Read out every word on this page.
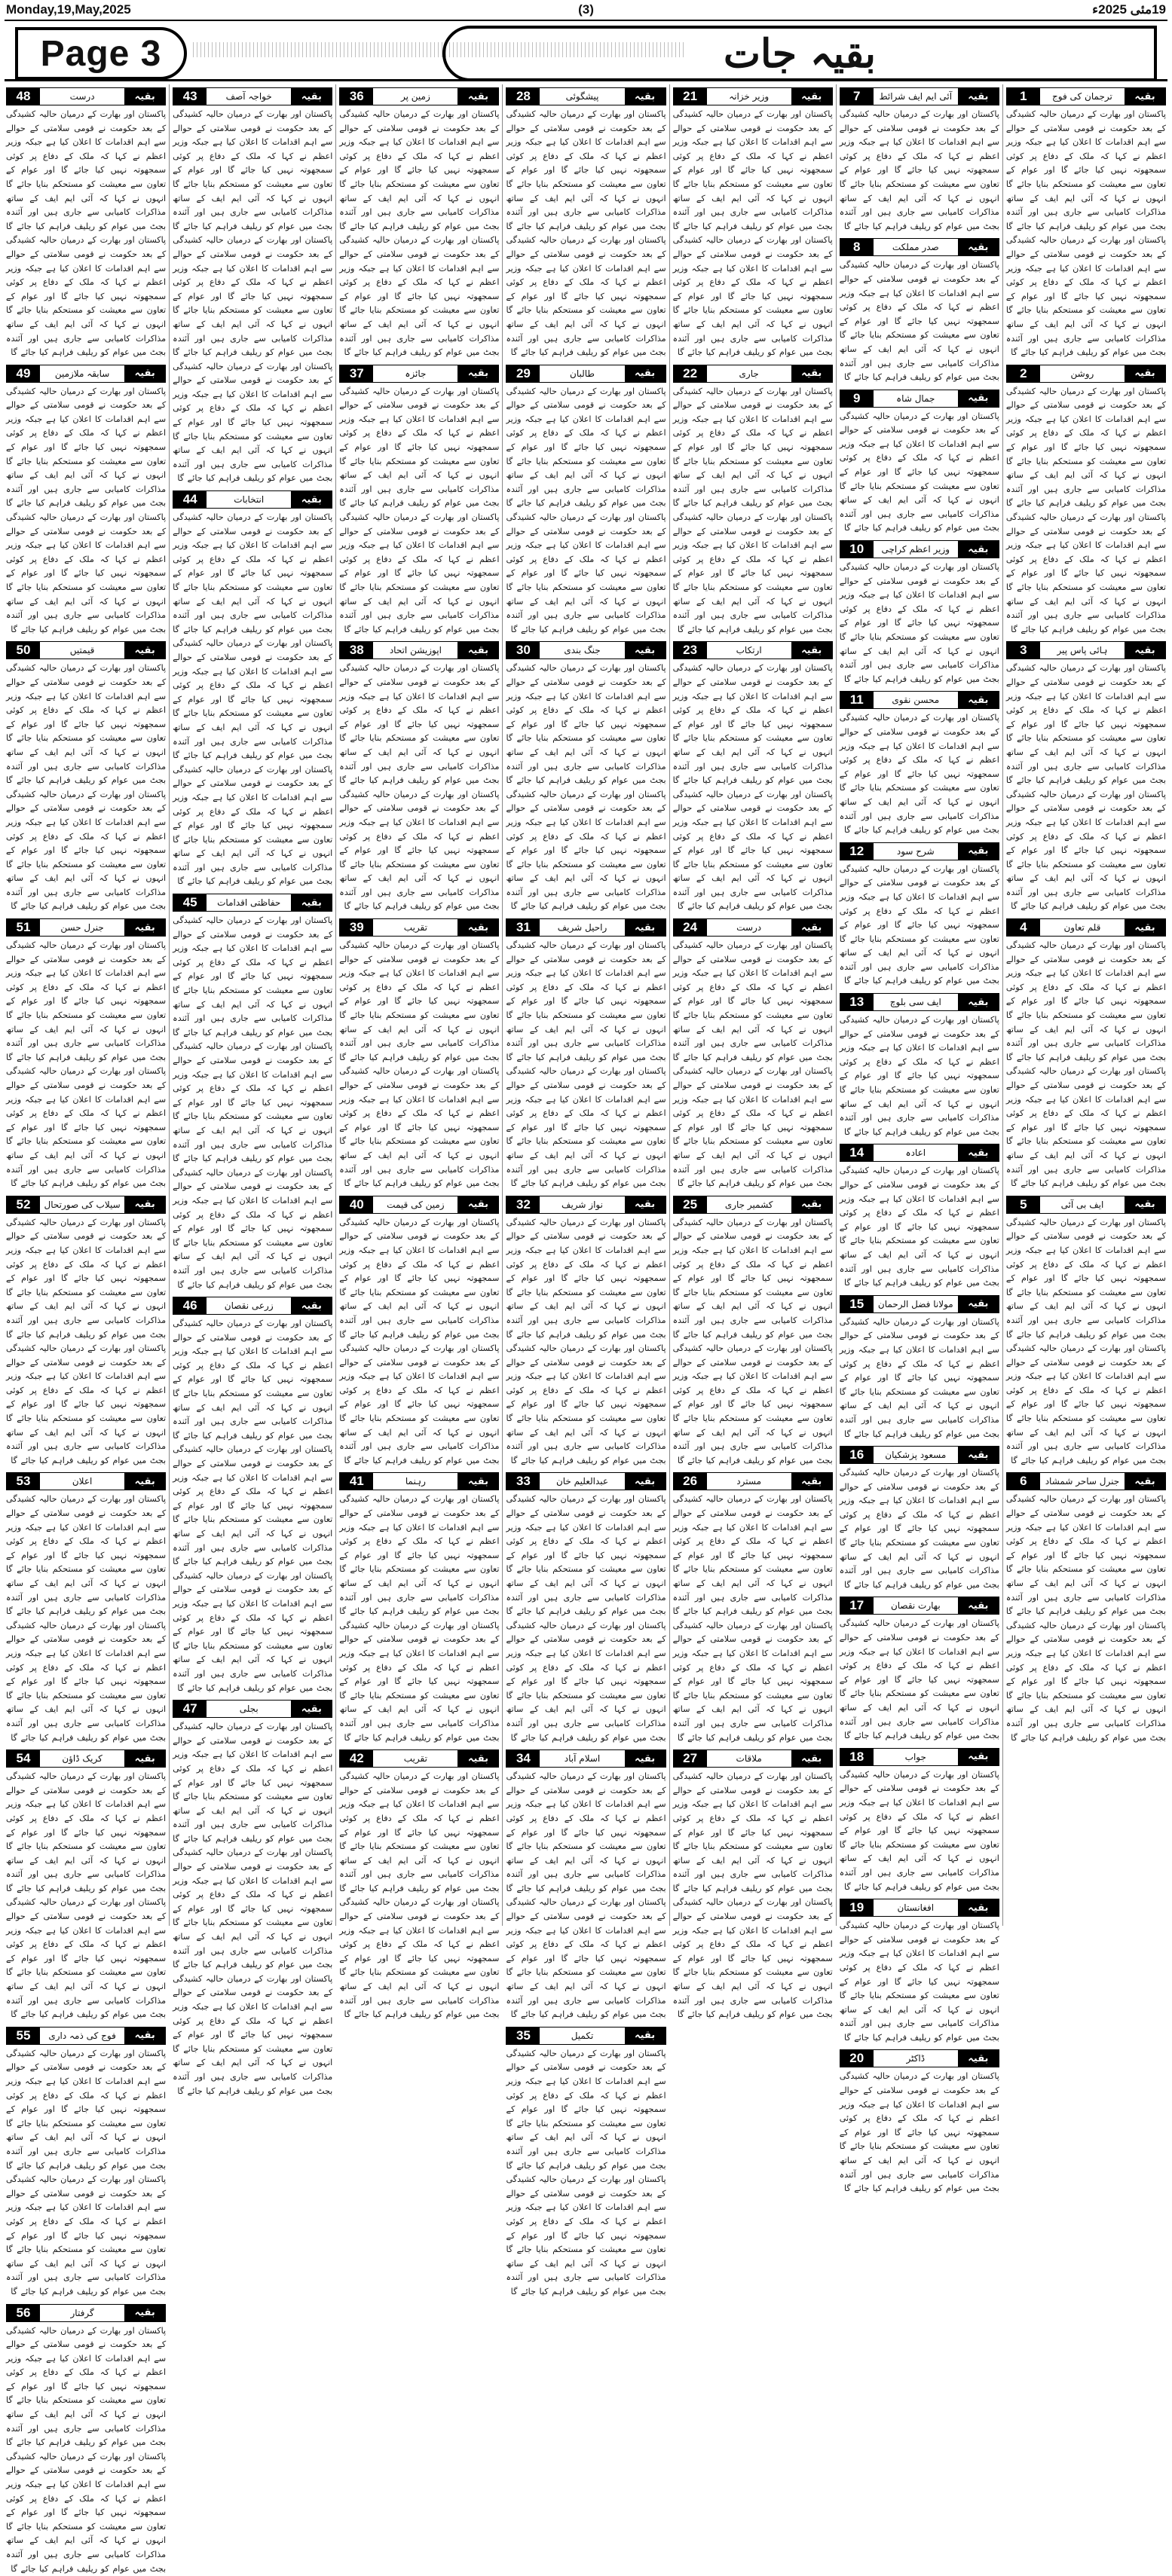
Monday,19,May,2025	(3)	19مئی 2025ء
Page 3	بقیہ جات
1	ترجمان کی فوج	بقیہ
پاکستان اور بھارت کے درمیان حالیہ کشیدگی کے بعد حکومت نے قومی سلامتی کے حوالے سے اہم اقدامات کا اعلان کیا ہے جبکہ وزیر اعظم نے کہا کہ ملک کے دفاع پر کوئی سمجھوتہ نہیں کیا جائے گا اور عوام کے تعاون سے معیشت کو مستحکم بنایا جائے گا انہوں نے کہا کہ آئی ایم ایف کے ساتھ مذاکرات کامیابی سے جاری ہیں اور آئندہ بجٹ میں عوام کو ریلیف فراہم کیا جائے گا پاکستان اور بھارت کے درمیان حالیہ کشیدگی کے بعد حکومت نے قومی سلامتی کے حوالے سے اہم اقدامات کا اعلان کیا ہے جبکہ وزیر اعظم نے کہا کہ ملک کے دفاع پر کوئی سمجھوتہ نہیں کیا جائے گا اور عوام کے تعاون سے معیشت کو مستحکم بنایا جائے گا انہوں نے کہا کہ آئی ایم ایف کے ساتھ مذاکرات کامیابی سے جاری ہیں اور آئندہ بجٹ میں عوام کو ریلیف فراہم کیا جائے گا
2	روشن	بقیہ
پاکستان اور بھارت کے درمیان حالیہ کشیدگی کے بعد حکومت نے قومی سلامتی کے حوالے سے اہم اقدامات کا اعلان کیا ہے جبکہ وزیر اعظم نے کہا کہ ملک کے دفاع پر کوئی سمجھوتہ نہیں کیا جائے گا اور عوام کے تعاون سے معیشت کو مستحکم بنایا جائے گا انہوں نے کہا کہ آئی ایم ایف کے ساتھ مذاکرات کامیابی سے جاری ہیں اور آئندہ بجٹ میں عوام کو ریلیف فراہم کیا جائے گا پاکستان اور بھارت کے درمیان حالیہ کشیدگی کے بعد حکومت نے قومی سلامتی کے حوالے سے اہم اقدامات کا اعلان کیا ہے جبکہ وزیر اعظم نے کہا کہ ملک کے دفاع پر کوئی سمجھوتہ نہیں کیا جائے گا اور عوام کے تعاون سے معیشت کو مستحکم بنایا جائے گا انہوں نے کہا کہ آئی ایم ایف کے ساتھ مذاکرات کامیابی سے جاری ہیں اور آئندہ بجٹ میں عوام کو ریلیف فراہم کیا جائے گا
3	ہائی پاس پیر	بقیہ
پاکستان اور بھارت کے درمیان حالیہ کشیدگی کے بعد حکومت نے قومی سلامتی کے حوالے سے اہم اقدامات کا اعلان کیا ہے جبکہ وزیر اعظم نے کہا کہ ملک کے دفاع پر کوئی سمجھوتہ نہیں کیا جائے گا اور عوام کے تعاون سے معیشت کو مستحکم بنایا جائے گا انہوں نے کہا کہ آئی ایم ایف کے ساتھ مذاکرات کامیابی سے جاری ہیں اور آئندہ بجٹ میں عوام کو ریلیف فراہم کیا جائے گا پاکستان اور بھارت کے درمیان حالیہ کشیدگی کے بعد حکومت نے قومی سلامتی کے حوالے سے اہم اقدامات کا اعلان کیا ہے جبکہ وزیر اعظم نے کہا کہ ملک کے دفاع پر کوئی سمجھوتہ نہیں کیا جائے گا اور عوام کے تعاون سے معیشت کو مستحکم بنایا جائے گا انہوں نے کہا کہ آئی ایم ایف کے ساتھ مذاکرات کامیابی سے جاری ہیں اور آئندہ بجٹ میں عوام کو ریلیف فراہم کیا جائے گا
4	قلم تعاون	بقیہ
پاکستان اور بھارت کے درمیان حالیہ کشیدگی کے بعد حکومت نے قومی سلامتی کے حوالے سے اہم اقدامات کا اعلان کیا ہے جبکہ وزیر اعظم نے کہا کہ ملک کے دفاع پر کوئی سمجھوتہ نہیں کیا جائے گا اور عوام کے تعاون سے معیشت کو مستحکم بنایا جائے گا انہوں نے کہا کہ آئی ایم ایف کے ساتھ مذاکرات کامیابی سے جاری ہیں اور آئندہ بجٹ میں عوام کو ریلیف فراہم کیا جائے گا پاکستان اور بھارت کے درمیان حالیہ کشیدگی کے بعد حکومت نے قومی سلامتی کے حوالے سے اہم اقدامات کا اعلان کیا ہے جبکہ وزیر اعظم نے کہا کہ ملک کے دفاع پر کوئی سمجھوتہ نہیں کیا جائے گا اور عوام کے تعاون سے معیشت کو مستحکم بنایا جائے گا انہوں نے کہا کہ آئی ایم ایف کے ساتھ مذاکرات کامیابی سے جاری ہیں اور آئندہ بجٹ میں عوام کو ریلیف فراہم کیا جائے گا
5	ایف بی آئی	بقیہ
پاکستان اور بھارت کے درمیان حالیہ کشیدگی کے بعد حکومت نے قومی سلامتی کے حوالے سے اہم اقدامات کا اعلان کیا ہے جبکہ وزیر اعظم نے کہا کہ ملک کے دفاع پر کوئی سمجھوتہ نہیں کیا جائے گا اور عوام کے تعاون سے معیشت کو مستحکم بنایا جائے گا انہوں نے کہا کہ آئی ایم ایف کے ساتھ مذاکرات کامیابی سے جاری ہیں اور آئندہ بجٹ میں عوام کو ریلیف فراہم کیا جائے گا پاکستان اور بھارت کے درمیان حالیہ کشیدگی کے بعد حکومت نے قومی سلامتی کے حوالے سے اہم اقدامات کا اعلان کیا ہے جبکہ وزیر اعظم نے کہا کہ ملک کے دفاع پر کوئی سمجھوتہ نہیں کیا جائے گا اور عوام کے تعاون سے معیشت کو مستحکم بنایا جائے گا انہوں نے کہا کہ آئی ایم ایف کے ساتھ مذاکرات کامیابی سے جاری ہیں اور آئندہ بجٹ میں عوام کو ریلیف فراہم کیا جائے گا
6	جنرل ساحر شمشاد	بقیہ
پاکستان اور بھارت کے درمیان حالیہ کشیدگی کے بعد حکومت نے قومی سلامتی کے حوالے سے اہم اقدامات کا اعلان کیا ہے جبکہ وزیر اعظم نے کہا کہ ملک کے دفاع پر کوئی سمجھوتہ نہیں کیا جائے گا اور عوام کے تعاون سے معیشت کو مستحکم بنایا جائے گا انہوں نے کہا کہ آئی ایم ایف کے ساتھ مذاکرات کامیابی سے جاری ہیں اور آئندہ بجٹ میں عوام کو ریلیف فراہم کیا جائے گا پاکستان اور بھارت کے درمیان حالیہ کشیدگی کے بعد حکومت نے قومی سلامتی کے حوالے سے اہم اقدامات کا اعلان کیا ہے جبکہ وزیر اعظم نے کہا کہ ملک کے دفاع پر کوئی سمجھوتہ نہیں کیا جائے گا اور عوام کے تعاون سے معیشت کو مستحکم بنایا جائے گا انہوں نے کہا کہ آئی ایم ایف کے ساتھ مذاکرات کامیابی سے جاری ہیں اور آئندہ بجٹ میں عوام کو ریلیف فراہم کیا جائے گا
7	آئی ایم ایف شرائط	بقیہ
پاکستان اور بھارت کے درمیان حالیہ کشیدگی کے بعد حکومت نے قومی سلامتی کے حوالے سے اہم اقدامات کا اعلان کیا ہے جبکہ وزیر اعظم نے کہا کہ ملک کے دفاع پر کوئی سمجھوتہ نہیں کیا جائے گا اور عوام کے تعاون سے معیشت کو مستحکم بنایا جائے گا انہوں نے کہا کہ آئی ایم ایف کے ساتھ مذاکرات کامیابی سے جاری ہیں اور آئندہ بجٹ میں عوام کو ریلیف فراہم کیا جائے گا
8	صدر مملکت	بقیہ
پاکستان اور بھارت کے درمیان حالیہ کشیدگی کے بعد حکومت نے قومی سلامتی کے حوالے سے اہم اقدامات کا اعلان کیا ہے جبکہ وزیر اعظم نے کہا کہ ملک کے دفاع پر کوئی سمجھوتہ نہیں کیا جائے گا اور عوام کے تعاون سے معیشت کو مستحکم بنایا جائے گا انہوں نے کہا کہ آئی ایم ایف کے ساتھ مذاکرات کامیابی سے جاری ہیں اور آئندہ بجٹ میں عوام کو ریلیف فراہم کیا جائے گا
9	جمال شاہ	بقیہ
پاکستان اور بھارت کے درمیان حالیہ کشیدگی کے بعد حکومت نے قومی سلامتی کے حوالے سے اہم اقدامات کا اعلان کیا ہے جبکہ وزیر اعظم نے کہا کہ ملک کے دفاع پر کوئی سمجھوتہ نہیں کیا جائے گا اور عوام کے تعاون سے معیشت کو مستحکم بنایا جائے گا انہوں نے کہا کہ آئی ایم ایف کے ساتھ مذاکرات کامیابی سے جاری ہیں اور آئندہ بجٹ میں عوام کو ریلیف فراہم کیا جائے گا
10	وزیر اعظم کراچی	بقیہ
پاکستان اور بھارت کے درمیان حالیہ کشیدگی کے بعد حکومت نے قومی سلامتی کے حوالے سے اہم اقدامات کا اعلان کیا ہے جبکہ وزیر اعظم نے کہا کہ ملک کے دفاع پر کوئی سمجھوتہ نہیں کیا جائے گا اور عوام کے تعاون سے معیشت کو مستحکم بنایا جائے گا انہوں نے کہا کہ آئی ایم ایف کے ساتھ مذاکرات کامیابی سے جاری ہیں اور آئندہ بجٹ میں عوام کو ریلیف فراہم کیا جائے گا
11	محسن نقوی	بقیہ
پاکستان اور بھارت کے درمیان حالیہ کشیدگی کے بعد حکومت نے قومی سلامتی کے حوالے سے اہم اقدامات کا اعلان کیا ہے جبکہ وزیر اعظم نے کہا کہ ملک کے دفاع پر کوئی سمجھوتہ نہیں کیا جائے گا اور عوام کے تعاون سے معیشت کو مستحکم بنایا جائے گا انہوں نے کہا کہ آئی ایم ایف کے ساتھ مذاکرات کامیابی سے جاری ہیں اور آئندہ بجٹ میں عوام کو ریلیف فراہم کیا جائے گا
12	شرح سود	بقیہ
پاکستان اور بھارت کے درمیان حالیہ کشیدگی کے بعد حکومت نے قومی سلامتی کے حوالے سے اہم اقدامات کا اعلان کیا ہے جبکہ وزیر اعظم نے کہا کہ ملک کے دفاع پر کوئی سمجھوتہ نہیں کیا جائے گا اور عوام کے تعاون سے معیشت کو مستحکم بنایا جائے گا انہوں نے کہا کہ آئی ایم ایف کے ساتھ مذاکرات کامیابی سے جاری ہیں اور آئندہ بجٹ میں عوام کو ریلیف فراہم کیا جائے گا
13	ایف سی بلوچ	بقیہ
پاکستان اور بھارت کے درمیان حالیہ کشیدگی کے بعد حکومت نے قومی سلامتی کے حوالے سے اہم اقدامات کا اعلان کیا ہے جبکہ وزیر اعظم نے کہا کہ ملک کے دفاع پر کوئی سمجھوتہ نہیں کیا جائے گا اور عوام کے تعاون سے معیشت کو مستحکم بنایا جائے گا انہوں نے کہا کہ آئی ایم ایف کے ساتھ مذاکرات کامیابی سے جاری ہیں اور آئندہ بجٹ میں عوام کو ریلیف فراہم کیا جائے گا
14	اعادہ	بقیہ
پاکستان اور بھارت کے درمیان حالیہ کشیدگی کے بعد حکومت نے قومی سلامتی کے حوالے سے اہم اقدامات کا اعلان کیا ہے جبکہ وزیر اعظم نے کہا کہ ملک کے دفاع پر کوئی سمجھوتہ نہیں کیا جائے گا اور عوام کے تعاون سے معیشت کو مستحکم بنایا جائے گا انہوں نے کہا کہ آئی ایم ایف کے ساتھ مذاکرات کامیابی سے جاری ہیں اور آئندہ بجٹ میں عوام کو ریلیف فراہم کیا جائے گا
15	مولانا فضل الرحمان	بقیہ
پاکستان اور بھارت کے درمیان حالیہ کشیدگی کے بعد حکومت نے قومی سلامتی کے حوالے سے اہم اقدامات کا اعلان کیا ہے جبکہ وزیر اعظم نے کہا کہ ملک کے دفاع پر کوئی سمجھوتہ نہیں کیا جائے گا اور عوام کے تعاون سے معیشت کو مستحکم بنایا جائے گا انہوں نے کہا کہ آئی ایم ایف کے ساتھ مذاکرات کامیابی سے جاری ہیں اور آئندہ بجٹ میں عوام کو ریلیف فراہم کیا جائے گا
16	مسعود پزشکیان	بقیہ
پاکستان اور بھارت کے درمیان حالیہ کشیدگی کے بعد حکومت نے قومی سلامتی کے حوالے سے اہم اقدامات کا اعلان کیا ہے جبکہ وزیر اعظم نے کہا کہ ملک کے دفاع پر کوئی سمجھوتہ نہیں کیا جائے گا اور عوام کے تعاون سے معیشت کو مستحکم بنایا جائے گا انہوں نے کہا کہ آئی ایم ایف کے ساتھ مذاکرات کامیابی سے جاری ہیں اور آئندہ بجٹ میں عوام کو ریلیف فراہم کیا جائے گا
17	بھارت نقصان	بقیہ
پاکستان اور بھارت کے درمیان حالیہ کشیدگی کے بعد حکومت نے قومی سلامتی کے حوالے سے اہم اقدامات کا اعلان کیا ہے جبکہ وزیر اعظم نے کہا کہ ملک کے دفاع پر کوئی سمجھوتہ نہیں کیا جائے گا اور عوام کے تعاون سے معیشت کو مستحکم بنایا جائے گا انہوں نے کہا کہ آئی ایم ایف کے ساتھ مذاکرات کامیابی سے جاری ہیں اور آئندہ بجٹ میں عوام کو ریلیف فراہم کیا جائے گا
18	جواب	بقیہ
پاکستان اور بھارت کے درمیان حالیہ کشیدگی کے بعد حکومت نے قومی سلامتی کے حوالے سے اہم اقدامات کا اعلان کیا ہے جبکہ وزیر اعظم نے کہا کہ ملک کے دفاع پر کوئی سمجھوتہ نہیں کیا جائے گا اور عوام کے تعاون سے معیشت کو مستحکم بنایا جائے گا انہوں نے کہا کہ آئی ایم ایف کے ساتھ مذاکرات کامیابی سے جاری ہیں اور آئندہ بجٹ میں عوام کو ریلیف فراہم کیا جائے گا
19	افغانستان	بقیہ
پاکستان اور بھارت کے درمیان حالیہ کشیدگی کے بعد حکومت نے قومی سلامتی کے حوالے سے اہم اقدامات کا اعلان کیا ہے جبکہ وزیر اعظم نے کہا کہ ملک کے دفاع پر کوئی سمجھوتہ نہیں کیا جائے گا اور عوام کے تعاون سے معیشت کو مستحکم بنایا جائے گا انہوں نے کہا کہ آئی ایم ایف کے ساتھ مذاکرات کامیابی سے جاری ہیں اور آئندہ بجٹ میں عوام کو ریلیف فراہم کیا جائے گا
20	ڈاکٹر	بقیہ
پاکستان اور بھارت کے درمیان حالیہ کشیدگی کے بعد حکومت نے قومی سلامتی کے حوالے سے اہم اقدامات کا اعلان کیا ہے جبکہ وزیر اعظم نے کہا کہ ملک کے دفاع پر کوئی سمجھوتہ نہیں کیا جائے گا اور عوام کے تعاون سے معیشت کو مستحکم بنایا جائے گا انہوں نے کہا کہ آئی ایم ایف کے ساتھ مذاکرات کامیابی سے جاری ہیں اور آئندہ بجٹ میں عوام کو ریلیف فراہم کیا جائے گا
21	وزیر خزانہ	بقیہ
پاکستان اور بھارت کے درمیان حالیہ کشیدگی کے بعد حکومت نے قومی سلامتی کے حوالے سے اہم اقدامات کا اعلان کیا ہے جبکہ وزیر اعظم نے کہا کہ ملک کے دفاع پر کوئی سمجھوتہ نہیں کیا جائے گا اور عوام کے تعاون سے معیشت کو مستحکم بنایا جائے گا انہوں نے کہا کہ آئی ایم ایف کے ساتھ مذاکرات کامیابی سے جاری ہیں اور آئندہ بجٹ میں عوام کو ریلیف فراہم کیا جائے گا پاکستان اور بھارت کے درمیان حالیہ کشیدگی کے بعد حکومت نے قومی سلامتی کے حوالے سے اہم اقدامات کا اعلان کیا ہے جبکہ وزیر اعظم نے کہا کہ ملک کے دفاع پر کوئی سمجھوتہ نہیں کیا جائے گا اور عوام کے تعاون سے معیشت کو مستحکم بنایا جائے گا انہوں نے کہا کہ آئی ایم ایف کے ساتھ مذاکرات کامیابی سے جاری ہیں اور آئندہ بجٹ میں عوام کو ریلیف فراہم کیا جائے گا
22	جاری	بقیہ
پاکستان اور بھارت کے درمیان حالیہ کشیدگی کے بعد حکومت نے قومی سلامتی کے حوالے سے اہم اقدامات کا اعلان کیا ہے جبکہ وزیر اعظم نے کہا کہ ملک کے دفاع پر کوئی سمجھوتہ نہیں کیا جائے گا اور عوام کے تعاون سے معیشت کو مستحکم بنایا جائے گا انہوں نے کہا کہ آئی ایم ایف کے ساتھ مذاکرات کامیابی سے جاری ہیں اور آئندہ بجٹ میں عوام کو ریلیف فراہم کیا جائے گا پاکستان اور بھارت کے درمیان حالیہ کشیدگی کے بعد حکومت نے قومی سلامتی کے حوالے سے اہم اقدامات کا اعلان کیا ہے جبکہ وزیر اعظم نے کہا کہ ملک کے دفاع پر کوئی سمجھوتہ نہیں کیا جائے گا اور عوام کے تعاون سے معیشت کو مستحکم بنایا جائے گا انہوں نے کہا کہ آئی ایم ایف کے ساتھ مذاکرات کامیابی سے جاری ہیں اور آئندہ بجٹ میں عوام کو ریلیف فراہم کیا جائے گا
23	ارتکاب	بقیہ
پاکستان اور بھارت کے درمیان حالیہ کشیدگی کے بعد حکومت نے قومی سلامتی کے حوالے سے اہم اقدامات کا اعلان کیا ہے جبکہ وزیر اعظم نے کہا کہ ملک کے دفاع پر کوئی سمجھوتہ نہیں کیا جائے گا اور عوام کے تعاون سے معیشت کو مستحکم بنایا جائے گا انہوں نے کہا کہ آئی ایم ایف کے ساتھ مذاکرات کامیابی سے جاری ہیں اور آئندہ بجٹ میں عوام کو ریلیف فراہم کیا جائے گا پاکستان اور بھارت کے درمیان حالیہ کشیدگی کے بعد حکومت نے قومی سلامتی کے حوالے سے اہم اقدامات کا اعلان کیا ہے جبکہ وزیر اعظم نے کہا کہ ملک کے دفاع پر کوئی سمجھوتہ نہیں کیا جائے گا اور عوام کے تعاون سے معیشت کو مستحکم بنایا جائے گا انہوں نے کہا کہ آئی ایم ایف کے ساتھ مذاکرات کامیابی سے جاری ہیں اور آئندہ بجٹ میں عوام کو ریلیف فراہم کیا جائے گا
24	درست	بقیہ
پاکستان اور بھارت کے درمیان حالیہ کشیدگی کے بعد حکومت نے قومی سلامتی کے حوالے سے اہم اقدامات کا اعلان کیا ہے جبکہ وزیر اعظم نے کہا کہ ملک کے دفاع پر کوئی سمجھوتہ نہیں کیا جائے گا اور عوام کے تعاون سے معیشت کو مستحکم بنایا جائے گا انہوں نے کہا کہ آئی ایم ایف کے ساتھ مذاکرات کامیابی سے جاری ہیں اور آئندہ بجٹ میں عوام کو ریلیف فراہم کیا جائے گا پاکستان اور بھارت کے درمیان حالیہ کشیدگی کے بعد حکومت نے قومی سلامتی کے حوالے سے اہم اقدامات کا اعلان کیا ہے جبکہ وزیر اعظم نے کہا کہ ملک کے دفاع پر کوئی سمجھوتہ نہیں کیا جائے گا اور عوام کے تعاون سے معیشت کو مستحکم بنایا جائے گا انہوں نے کہا کہ آئی ایم ایف کے ساتھ مذاکرات کامیابی سے جاری ہیں اور آئندہ بجٹ میں عوام کو ریلیف فراہم کیا جائے گا
25	کشمیر جاری	بقیہ
پاکستان اور بھارت کے درمیان حالیہ کشیدگی کے بعد حکومت نے قومی سلامتی کے حوالے سے اہم اقدامات کا اعلان کیا ہے جبکہ وزیر اعظم نے کہا کہ ملک کے دفاع پر کوئی سمجھوتہ نہیں کیا جائے گا اور عوام کے تعاون سے معیشت کو مستحکم بنایا جائے گا انہوں نے کہا کہ آئی ایم ایف کے ساتھ مذاکرات کامیابی سے جاری ہیں اور آئندہ بجٹ میں عوام کو ریلیف فراہم کیا جائے گا پاکستان اور بھارت کے درمیان حالیہ کشیدگی کے بعد حکومت نے قومی سلامتی کے حوالے سے اہم اقدامات کا اعلان کیا ہے جبکہ وزیر اعظم نے کہا کہ ملک کے دفاع پر کوئی سمجھوتہ نہیں کیا جائے گا اور عوام کے تعاون سے معیشت کو مستحکم بنایا جائے گا انہوں نے کہا کہ آئی ایم ایف کے ساتھ مذاکرات کامیابی سے جاری ہیں اور آئندہ بجٹ میں عوام کو ریلیف فراہم کیا جائے گا
26	مسترد	بقیہ
پاکستان اور بھارت کے درمیان حالیہ کشیدگی کے بعد حکومت نے قومی سلامتی کے حوالے سے اہم اقدامات کا اعلان کیا ہے جبکہ وزیر اعظم نے کہا کہ ملک کے دفاع پر کوئی سمجھوتہ نہیں کیا جائے گا اور عوام کے تعاون سے معیشت کو مستحکم بنایا جائے گا انہوں نے کہا کہ آئی ایم ایف کے ساتھ مذاکرات کامیابی سے جاری ہیں اور آئندہ بجٹ میں عوام کو ریلیف فراہم کیا جائے گا پاکستان اور بھارت کے درمیان حالیہ کشیدگی کے بعد حکومت نے قومی سلامتی کے حوالے سے اہم اقدامات کا اعلان کیا ہے جبکہ وزیر اعظم نے کہا کہ ملک کے دفاع پر کوئی سمجھوتہ نہیں کیا جائے گا اور عوام کے تعاون سے معیشت کو مستحکم بنایا جائے گا انہوں نے کہا کہ آئی ایم ایف کے ساتھ مذاکرات کامیابی سے جاری ہیں اور آئندہ بجٹ میں عوام کو ریلیف فراہم کیا جائے گا
27	ملاقات	بقیہ
پاکستان اور بھارت کے درمیان حالیہ کشیدگی کے بعد حکومت نے قومی سلامتی کے حوالے سے اہم اقدامات کا اعلان کیا ہے جبکہ وزیر اعظم نے کہا کہ ملک کے دفاع پر کوئی سمجھوتہ نہیں کیا جائے گا اور عوام کے تعاون سے معیشت کو مستحکم بنایا جائے گا انہوں نے کہا کہ آئی ایم ایف کے ساتھ مذاکرات کامیابی سے جاری ہیں اور آئندہ بجٹ میں عوام کو ریلیف فراہم کیا جائے گا پاکستان اور بھارت کے درمیان حالیہ کشیدگی کے بعد حکومت نے قومی سلامتی کے حوالے سے اہم اقدامات کا اعلان کیا ہے جبکہ وزیر اعظم نے کہا کہ ملک کے دفاع پر کوئی سمجھوتہ نہیں کیا جائے گا اور عوام کے تعاون سے معیشت کو مستحکم بنایا جائے گا انہوں نے کہا کہ آئی ایم ایف کے ساتھ مذاکرات کامیابی سے جاری ہیں اور آئندہ بجٹ میں عوام کو ریلیف فراہم کیا جائے گا
28	پیشگوئی	بقیہ
پاکستان اور بھارت کے درمیان حالیہ کشیدگی کے بعد حکومت نے قومی سلامتی کے حوالے سے اہم اقدامات کا اعلان کیا ہے جبکہ وزیر اعظم نے کہا کہ ملک کے دفاع پر کوئی سمجھوتہ نہیں کیا جائے گا اور عوام کے تعاون سے معیشت کو مستحکم بنایا جائے گا انہوں نے کہا کہ آئی ایم ایف کے ساتھ مذاکرات کامیابی سے جاری ہیں اور آئندہ بجٹ میں عوام کو ریلیف فراہم کیا جائے گا پاکستان اور بھارت کے درمیان حالیہ کشیدگی کے بعد حکومت نے قومی سلامتی کے حوالے سے اہم اقدامات کا اعلان کیا ہے جبکہ وزیر اعظم نے کہا کہ ملک کے دفاع پر کوئی سمجھوتہ نہیں کیا جائے گا اور عوام کے تعاون سے معیشت کو مستحکم بنایا جائے گا انہوں نے کہا کہ آئی ایم ایف کے ساتھ مذاکرات کامیابی سے جاری ہیں اور آئندہ بجٹ میں عوام کو ریلیف فراہم کیا جائے گا
29	طالبان	بقیہ
پاکستان اور بھارت کے درمیان حالیہ کشیدگی کے بعد حکومت نے قومی سلامتی کے حوالے سے اہم اقدامات کا اعلان کیا ہے جبکہ وزیر اعظم نے کہا کہ ملک کے دفاع پر کوئی سمجھوتہ نہیں کیا جائے گا اور عوام کے تعاون سے معیشت کو مستحکم بنایا جائے گا انہوں نے کہا کہ آئی ایم ایف کے ساتھ مذاکرات کامیابی سے جاری ہیں اور آئندہ بجٹ میں عوام کو ریلیف فراہم کیا جائے گا پاکستان اور بھارت کے درمیان حالیہ کشیدگی کے بعد حکومت نے قومی سلامتی کے حوالے سے اہم اقدامات کا اعلان کیا ہے جبکہ وزیر اعظم نے کہا کہ ملک کے دفاع پر کوئی سمجھوتہ نہیں کیا جائے گا اور عوام کے تعاون سے معیشت کو مستحکم بنایا جائے گا انہوں نے کہا کہ آئی ایم ایف کے ساتھ مذاکرات کامیابی سے جاری ہیں اور آئندہ بجٹ میں عوام کو ریلیف فراہم کیا جائے گا
30	جنگ بندی	بقیہ
پاکستان اور بھارت کے درمیان حالیہ کشیدگی کے بعد حکومت نے قومی سلامتی کے حوالے سے اہم اقدامات کا اعلان کیا ہے جبکہ وزیر اعظم نے کہا کہ ملک کے دفاع پر کوئی سمجھوتہ نہیں کیا جائے گا اور عوام کے تعاون سے معیشت کو مستحکم بنایا جائے گا انہوں نے کہا کہ آئی ایم ایف کے ساتھ مذاکرات کامیابی سے جاری ہیں اور آئندہ بجٹ میں عوام کو ریلیف فراہم کیا جائے گا پاکستان اور بھارت کے درمیان حالیہ کشیدگی کے بعد حکومت نے قومی سلامتی کے حوالے سے اہم اقدامات کا اعلان کیا ہے جبکہ وزیر اعظم نے کہا کہ ملک کے دفاع پر کوئی سمجھوتہ نہیں کیا جائے گا اور عوام کے تعاون سے معیشت کو مستحکم بنایا جائے گا انہوں نے کہا کہ آئی ایم ایف کے ساتھ مذاکرات کامیابی سے جاری ہیں اور آئندہ بجٹ میں عوام کو ریلیف فراہم کیا جائے گا
31	راحیل شریف	بقیہ
پاکستان اور بھارت کے درمیان حالیہ کشیدگی کے بعد حکومت نے قومی سلامتی کے حوالے سے اہم اقدامات کا اعلان کیا ہے جبکہ وزیر اعظم نے کہا کہ ملک کے دفاع پر کوئی سمجھوتہ نہیں کیا جائے گا اور عوام کے تعاون سے معیشت کو مستحکم بنایا جائے گا انہوں نے کہا کہ آئی ایم ایف کے ساتھ مذاکرات کامیابی سے جاری ہیں اور آئندہ بجٹ میں عوام کو ریلیف فراہم کیا جائے گا پاکستان اور بھارت کے درمیان حالیہ کشیدگی کے بعد حکومت نے قومی سلامتی کے حوالے سے اہم اقدامات کا اعلان کیا ہے جبکہ وزیر اعظم نے کہا کہ ملک کے دفاع پر کوئی سمجھوتہ نہیں کیا جائے گا اور عوام کے تعاون سے معیشت کو مستحکم بنایا جائے گا انہوں نے کہا کہ آئی ایم ایف کے ساتھ مذاکرات کامیابی سے جاری ہیں اور آئندہ بجٹ میں عوام کو ریلیف فراہم کیا جائے گا
32	نواز شریف	بقیہ
پاکستان اور بھارت کے درمیان حالیہ کشیدگی کے بعد حکومت نے قومی سلامتی کے حوالے سے اہم اقدامات کا اعلان کیا ہے جبکہ وزیر اعظم نے کہا کہ ملک کے دفاع پر کوئی سمجھوتہ نہیں کیا جائے گا اور عوام کے تعاون سے معیشت کو مستحکم بنایا جائے گا انہوں نے کہا کہ آئی ایم ایف کے ساتھ مذاکرات کامیابی سے جاری ہیں اور آئندہ بجٹ میں عوام کو ریلیف فراہم کیا جائے گا پاکستان اور بھارت کے درمیان حالیہ کشیدگی کے بعد حکومت نے قومی سلامتی کے حوالے سے اہم اقدامات کا اعلان کیا ہے جبکہ وزیر اعظم نے کہا کہ ملک کے دفاع پر کوئی سمجھوتہ نہیں کیا جائے گا اور عوام کے تعاون سے معیشت کو مستحکم بنایا جائے گا انہوں نے کہا کہ آئی ایم ایف کے ساتھ مذاکرات کامیابی سے جاری ہیں اور آئندہ بجٹ میں عوام کو ریلیف فراہم کیا جائے گا
33	عبدالعلیم خان	بقیہ
پاکستان اور بھارت کے درمیان حالیہ کشیدگی کے بعد حکومت نے قومی سلامتی کے حوالے سے اہم اقدامات کا اعلان کیا ہے جبکہ وزیر اعظم نے کہا کہ ملک کے دفاع پر کوئی سمجھوتہ نہیں کیا جائے گا اور عوام کے تعاون سے معیشت کو مستحکم بنایا جائے گا انہوں نے کہا کہ آئی ایم ایف کے ساتھ مذاکرات کامیابی سے جاری ہیں اور آئندہ بجٹ میں عوام کو ریلیف فراہم کیا جائے گا پاکستان اور بھارت کے درمیان حالیہ کشیدگی کے بعد حکومت نے قومی سلامتی کے حوالے سے اہم اقدامات کا اعلان کیا ہے جبکہ وزیر اعظم نے کہا کہ ملک کے دفاع پر کوئی سمجھوتہ نہیں کیا جائے گا اور عوام کے تعاون سے معیشت کو مستحکم بنایا جائے گا انہوں نے کہا کہ آئی ایم ایف کے ساتھ مذاکرات کامیابی سے جاری ہیں اور آئندہ بجٹ میں عوام کو ریلیف فراہم کیا جائے گا
34	اسلام آباد	بقیہ
پاکستان اور بھارت کے درمیان حالیہ کشیدگی کے بعد حکومت نے قومی سلامتی کے حوالے سے اہم اقدامات کا اعلان کیا ہے جبکہ وزیر اعظم نے کہا کہ ملک کے دفاع پر کوئی سمجھوتہ نہیں کیا جائے گا اور عوام کے تعاون سے معیشت کو مستحکم بنایا جائے گا انہوں نے کہا کہ آئی ایم ایف کے ساتھ مذاکرات کامیابی سے جاری ہیں اور آئندہ بجٹ میں عوام کو ریلیف فراہم کیا جائے گا پاکستان اور بھارت کے درمیان حالیہ کشیدگی کے بعد حکومت نے قومی سلامتی کے حوالے سے اہم اقدامات کا اعلان کیا ہے جبکہ وزیر اعظم نے کہا کہ ملک کے دفاع پر کوئی سمجھوتہ نہیں کیا جائے گا اور عوام کے تعاون سے معیشت کو مستحکم بنایا جائے گا انہوں نے کہا کہ آئی ایم ایف کے ساتھ مذاکرات کامیابی سے جاری ہیں اور آئندہ بجٹ میں عوام کو ریلیف فراہم کیا جائے گا
35	تکمیل	بقیہ
پاکستان اور بھارت کے درمیان حالیہ کشیدگی کے بعد حکومت نے قومی سلامتی کے حوالے سے اہم اقدامات کا اعلان کیا ہے جبکہ وزیر اعظم نے کہا کہ ملک کے دفاع پر کوئی سمجھوتہ نہیں کیا جائے گا اور عوام کے تعاون سے معیشت کو مستحکم بنایا جائے گا انہوں نے کہا کہ آئی ایم ایف کے ساتھ مذاکرات کامیابی سے جاری ہیں اور آئندہ بجٹ میں عوام کو ریلیف فراہم کیا جائے گا پاکستان اور بھارت کے درمیان حالیہ کشیدگی کے بعد حکومت نے قومی سلامتی کے حوالے سے اہم اقدامات کا اعلان کیا ہے جبکہ وزیر اعظم نے کہا کہ ملک کے دفاع پر کوئی سمجھوتہ نہیں کیا جائے گا اور عوام کے تعاون سے معیشت کو مستحکم بنایا جائے گا انہوں نے کہا کہ آئی ایم ایف کے ساتھ مذاکرات کامیابی سے جاری ہیں اور آئندہ بجٹ میں عوام کو ریلیف فراہم کیا جائے گا
36	زمین پر	بقیہ
پاکستان اور بھارت کے درمیان حالیہ کشیدگی کے بعد حکومت نے قومی سلامتی کے حوالے سے اہم اقدامات کا اعلان کیا ہے جبکہ وزیر اعظم نے کہا کہ ملک کے دفاع پر کوئی سمجھوتہ نہیں کیا جائے گا اور عوام کے تعاون سے معیشت کو مستحکم بنایا جائے گا انہوں نے کہا کہ آئی ایم ایف کے ساتھ مذاکرات کامیابی سے جاری ہیں اور آئندہ بجٹ میں عوام کو ریلیف فراہم کیا جائے گا پاکستان اور بھارت کے درمیان حالیہ کشیدگی کے بعد حکومت نے قومی سلامتی کے حوالے سے اہم اقدامات کا اعلان کیا ہے جبکہ وزیر اعظم نے کہا کہ ملک کے دفاع پر کوئی سمجھوتہ نہیں کیا جائے گا اور عوام کے تعاون سے معیشت کو مستحکم بنایا جائے گا انہوں نے کہا کہ آئی ایم ایف کے ساتھ مذاکرات کامیابی سے جاری ہیں اور آئندہ بجٹ میں عوام کو ریلیف فراہم کیا جائے گا
37	جائزہ	بقیہ
پاکستان اور بھارت کے درمیان حالیہ کشیدگی کے بعد حکومت نے قومی سلامتی کے حوالے سے اہم اقدامات کا اعلان کیا ہے جبکہ وزیر اعظم نے کہا کہ ملک کے دفاع پر کوئی سمجھوتہ نہیں کیا جائے گا اور عوام کے تعاون سے معیشت کو مستحکم بنایا جائے گا انہوں نے کہا کہ آئی ایم ایف کے ساتھ مذاکرات کامیابی سے جاری ہیں اور آئندہ بجٹ میں عوام کو ریلیف فراہم کیا جائے گا پاکستان اور بھارت کے درمیان حالیہ کشیدگی کے بعد حکومت نے قومی سلامتی کے حوالے سے اہم اقدامات کا اعلان کیا ہے جبکہ وزیر اعظم نے کہا کہ ملک کے دفاع پر کوئی سمجھوتہ نہیں کیا جائے گا اور عوام کے تعاون سے معیشت کو مستحکم بنایا جائے گا انہوں نے کہا کہ آئی ایم ایف کے ساتھ مذاکرات کامیابی سے جاری ہیں اور آئندہ بجٹ میں عوام کو ریلیف فراہم کیا جائے گا
38	اپوزیشن اتحاد	بقیہ
پاکستان اور بھارت کے درمیان حالیہ کشیدگی کے بعد حکومت نے قومی سلامتی کے حوالے سے اہم اقدامات کا اعلان کیا ہے جبکہ وزیر اعظم نے کہا کہ ملک کے دفاع پر کوئی سمجھوتہ نہیں کیا جائے گا اور عوام کے تعاون سے معیشت کو مستحکم بنایا جائے گا انہوں نے کہا کہ آئی ایم ایف کے ساتھ مذاکرات کامیابی سے جاری ہیں اور آئندہ بجٹ میں عوام کو ریلیف فراہم کیا جائے گا پاکستان اور بھارت کے درمیان حالیہ کشیدگی کے بعد حکومت نے قومی سلامتی کے حوالے سے اہم اقدامات کا اعلان کیا ہے جبکہ وزیر اعظم نے کہا کہ ملک کے دفاع پر کوئی سمجھوتہ نہیں کیا جائے گا اور عوام کے تعاون سے معیشت کو مستحکم بنایا جائے گا انہوں نے کہا کہ آئی ایم ایف کے ساتھ مذاکرات کامیابی سے جاری ہیں اور آئندہ بجٹ میں عوام کو ریلیف فراہم کیا جائے گا
39	تقریب	بقیہ
پاکستان اور بھارت کے درمیان حالیہ کشیدگی کے بعد حکومت نے قومی سلامتی کے حوالے سے اہم اقدامات کا اعلان کیا ہے جبکہ وزیر اعظم نے کہا کہ ملک کے دفاع پر کوئی سمجھوتہ نہیں کیا جائے گا اور عوام کے تعاون سے معیشت کو مستحکم بنایا جائے گا انہوں نے کہا کہ آئی ایم ایف کے ساتھ مذاکرات کامیابی سے جاری ہیں اور آئندہ بجٹ میں عوام کو ریلیف فراہم کیا جائے گا پاکستان اور بھارت کے درمیان حالیہ کشیدگی کے بعد حکومت نے قومی سلامتی کے حوالے سے اہم اقدامات کا اعلان کیا ہے جبکہ وزیر اعظم نے کہا کہ ملک کے دفاع پر کوئی سمجھوتہ نہیں کیا جائے گا اور عوام کے تعاون سے معیشت کو مستحکم بنایا جائے گا انہوں نے کہا کہ آئی ایم ایف کے ساتھ مذاکرات کامیابی سے جاری ہیں اور آئندہ بجٹ میں عوام کو ریلیف فراہم کیا جائے گا
40	زمین کی قیمت	بقیہ
پاکستان اور بھارت کے درمیان حالیہ کشیدگی کے بعد حکومت نے قومی سلامتی کے حوالے سے اہم اقدامات کا اعلان کیا ہے جبکہ وزیر اعظم نے کہا کہ ملک کے دفاع پر کوئی سمجھوتہ نہیں کیا جائے گا اور عوام کے تعاون سے معیشت کو مستحکم بنایا جائے گا انہوں نے کہا کہ آئی ایم ایف کے ساتھ مذاکرات کامیابی سے جاری ہیں اور آئندہ بجٹ میں عوام کو ریلیف فراہم کیا جائے گا پاکستان اور بھارت کے درمیان حالیہ کشیدگی کے بعد حکومت نے قومی سلامتی کے حوالے سے اہم اقدامات کا اعلان کیا ہے جبکہ وزیر اعظم نے کہا کہ ملک کے دفاع پر کوئی سمجھوتہ نہیں کیا جائے گا اور عوام کے تعاون سے معیشت کو مستحکم بنایا جائے گا انہوں نے کہا کہ آئی ایم ایف کے ساتھ مذاکرات کامیابی سے جاری ہیں اور آئندہ بجٹ میں عوام کو ریلیف فراہم کیا جائے گا
41	رہنما	بقیہ
پاکستان اور بھارت کے درمیان حالیہ کشیدگی کے بعد حکومت نے قومی سلامتی کے حوالے سے اہم اقدامات کا اعلان کیا ہے جبکہ وزیر اعظم نے کہا کہ ملک کے دفاع پر کوئی سمجھوتہ نہیں کیا جائے گا اور عوام کے تعاون سے معیشت کو مستحکم بنایا جائے گا انہوں نے کہا کہ آئی ایم ایف کے ساتھ مذاکرات کامیابی سے جاری ہیں اور آئندہ بجٹ میں عوام کو ریلیف فراہم کیا جائے گا پاکستان اور بھارت کے درمیان حالیہ کشیدگی کے بعد حکومت نے قومی سلامتی کے حوالے سے اہم اقدامات کا اعلان کیا ہے جبکہ وزیر اعظم نے کہا کہ ملک کے دفاع پر کوئی سمجھوتہ نہیں کیا جائے گا اور عوام کے تعاون سے معیشت کو مستحکم بنایا جائے گا انہوں نے کہا کہ آئی ایم ایف کے ساتھ مذاکرات کامیابی سے جاری ہیں اور آئندہ بجٹ میں عوام کو ریلیف فراہم کیا جائے گا
42	تقریب	بقیہ
پاکستان اور بھارت کے درمیان حالیہ کشیدگی کے بعد حکومت نے قومی سلامتی کے حوالے سے اہم اقدامات کا اعلان کیا ہے جبکہ وزیر اعظم نے کہا کہ ملک کے دفاع پر کوئی سمجھوتہ نہیں کیا جائے گا اور عوام کے تعاون سے معیشت کو مستحکم بنایا جائے گا انہوں نے کہا کہ آئی ایم ایف کے ساتھ مذاکرات کامیابی سے جاری ہیں اور آئندہ بجٹ میں عوام کو ریلیف فراہم کیا جائے گا پاکستان اور بھارت کے درمیان حالیہ کشیدگی کے بعد حکومت نے قومی سلامتی کے حوالے سے اہم اقدامات کا اعلان کیا ہے جبکہ وزیر اعظم نے کہا کہ ملک کے دفاع پر کوئی سمجھوتہ نہیں کیا جائے گا اور عوام کے تعاون سے معیشت کو مستحکم بنایا جائے گا انہوں نے کہا کہ آئی ایم ایف کے ساتھ مذاکرات کامیابی سے جاری ہیں اور آئندہ بجٹ میں عوام کو ریلیف فراہم کیا جائے گا
43	خواجہ آصف	بقیہ
پاکستان اور بھارت کے درمیان حالیہ کشیدگی کے بعد حکومت نے قومی سلامتی کے حوالے سے اہم اقدامات کا اعلان کیا ہے جبکہ وزیر اعظم نے کہا کہ ملک کے دفاع پر کوئی سمجھوتہ نہیں کیا جائے گا اور عوام کے تعاون سے معیشت کو مستحکم بنایا جائے گا انہوں نے کہا کہ آئی ایم ایف کے ساتھ مذاکرات کامیابی سے جاری ہیں اور آئندہ بجٹ میں عوام کو ریلیف فراہم کیا جائے گا پاکستان اور بھارت کے درمیان حالیہ کشیدگی کے بعد حکومت نے قومی سلامتی کے حوالے سے اہم اقدامات کا اعلان کیا ہے جبکہ وزیر اعظم نے کہا کہ ملک کے دفاع پر کوئی سمجھوتہ نہیں کیا جائے گا اور عوام کے تعاون سے معیشت کو مستحکم بنایا جائے گا انہوں نے کہا کہ آئی ایم ایف کے ساتھ مذاکرات کامیابی سے جاری ہیں اور آئندہ بجٹ میں عوام کو ریلیف فراہم کیا جائے گا پاکستان اور بھارت کے درمیان حالیہ کشیدگی کے بعد حکومت نے قومی سلامتی کے حوالے سے اہم اقدامات کا اعلان کیا ہے جبکہ وزیر اعظم نے کہا کہ ملک کے دفاع پر کوئی سمجھوتہ نہیں کیا جائے گا اور عوام کے تعاون سے معیشت کو مستحکم بنایا جائے گا انہوں نے کہا کہ آئی ایم ایف کے ساتھ مذاکرات کامیابی سے جاری ہیں اور آئندہ بجٹ میں عوام کو ریلیف فراہم کیا جائے گا
44	انتخابات	بقیہ
پاکستان اور بھارت کے درمیان حالیہ کشیدگی کے بعد حکومت نے قومی سلامتی کے حوالے سے اہم اقدامات کا اعلان کیا ہے جبکہ وزیر اعظم نے کہا کہ ملک کے دفاع پر کوئی سمجھوتہ نہیں کیا جائے گا اور عوام کے تعاون سے معیشت کو مستحکم بنایا جائے گا انہوں نے کہا کہ آئی ایم ایف کے ساتھ مذاکرات کامیابی سے جاری ہیں اور آئندہ بجٹ میں عوام کو ریلیف فراہم کیا جائے گا پاکستان اور بھارت کے درمیان حالیہ کشیدگی کے بعد حکومت نے قومی سلامتی کے حوالے سے اہم اقدامات کا اعلان کیا ہے جبکہ وزیر اعظم نے کہا کہ ملک کے دفاع پر کوئی سمجھوتہ نہیں کیا جائے گا اور عوام کے تعاون سے معیشت کو مستحکم بنایا جائے گا انہوں نے کہا کہ آئی ایم ایف کے ساتھ مذاکرات کامیابی سے جاری ہیں اور آئندہ بجٹ میں عوام کو ریلیف فراہم کیا جائے گا پاکستان اور بھارت کے درمیان حالیہ کشیدگی کے بعد حکومت نے قومی سلامتی کے حوالے سے اہم اقدامات کا اعلان کیا ہے جبکہ وزیر اعظم نے کہا کہ ملک کے دفاع پر کوئی سمجھوتہ نہیں کیا جائے گا اور عوام کے تعاون سے معیشت کو مستحکم بنایا جائے گا انہوں نے کہا کہ آئی ایم ایف کے ساتھ مذاکرات کامیابی سے جاری ہیں اور آئندہ بجٹ میں عوام کو ریلیف فراہم کیا جائے گا
45	حفاظتی اقدامات	بقیہ
پاکستان اور بھارت کے درمیان حالیہ کشیدگی کے بعد حکومت نے قومی سلامتی کے حوالے سے اہم اقدامات کا اعلان کیا ہے جبکہ وزیر اعظم نے کہا کہ ملک کے دفاع پر کوئی سمجھوتہ نہیں کیا جائے گا اور عوام کے تعاون سے معیشت کو مستحکم بنایا جائے گا انہوں نے کہا کہ آئی ایم ایف کے ساتھ مذاکرات کامیابی سے جاری ہیں اور آئندہ بجٹ میں عوام کو ریلیف فراہم کیا جائے گا پاکستان اور بھارت کے درمیان حالیہ کشیدگی کے بعد حکومت نے قومی سلامتی کے حوالے سے اہم اقدامات کا اعلان کیا ہے جبکہ وزیر اعظم نے کہا کہ ملک کے دفاع پر کوئی سمجھوتہ نہیں کیا جائے گا اور عوام کے تعاون سے معیشت کو مستحکم بنایا جائے گا انہوں نے کہا کہ آئی ایم ایف کے ساتھ مذاکرات کامیابی سے جاری ہیں اور آئندہ بجٹ میں عوام کو ریلیف فراہم کیا جائے گا پاکستان اور بھارت کے درمیان حالیہ کشیدگی کے بعد حکومت نے قومی سلامتی کے حوالے سے اہم اقدامات کا اعلان کیا ہے جبکہ وزیر اعظم نے کہا کہ ملک کے دفاع پر کوئی سمجھوتہ نہیں کیا جائے گا اور عوام کے تعاون سے معیشت کو مستحکم بنایا جائے گا انہوں نے کہا کہ آئی ایم ایف کے ساتھ مذاکرات کامیابی سے جاری ہیں اور آئندہ بجٹ میں عوام کو ریلیف فراہم کیا جائے گا
46	زرعی نقصان	بقیہ
پاکستان اور بھارت کے درمیان حالیہ کشیدگی کے بعد حکومت نے قومی سلامتی کے حوالے سے اہم اقدامات کا اعلان کیا ہے جبکہ وزیر اعظم نے کہا کہ ملک کے دفاع پر کوئی سمجھوتہ نہیں کیا جائے گا اور عوام کے تعاون سے معیشت کو مستحکم بنایا جائے گا انہوں نے کہا کہ آئی ایم ایف کے ساتھ مذاکرات کامیابی سے جاری ہیں اور آئندہ بجٹ میں عوام کو ریلیف فراہم کیا جائے گا پاکستان اور بھارت کے درمیان حالیہ کشیدگی کے بعد حکومت نے قومی سلامتی کے حوالے سے اہم اقدامات کا اعلان کیا ہے جبکہ وزیر اعظم نے کہا کہ ملک کے دفاع پر کوئی سمجھوتہ نہیں کیا جائے گا اور عوام کے تعاون سے معیشت کو مستحکم بنایا جائے گا انہوں نے کہا کہ آئی ایم ایف کے ساتھ مذاکرات کامیابی سے جاری ہیں اور آئندہ بجٹ میں عوام کو ریلیف فراہم کیا جائے گا پاکستان اور بھارت کے درمیان حالیہ کشیدگی کے بعد حکومت نے قومی سلامتی کے حوالے سے اہم اقدامات کا اعلان کیا ہے جبکہ وزیر اعظم نے کہا کہ ملک کے دفاع پر کوئی سمجھوتہ نہیں کیا جائے گا اور عوام کے تعاون سے معیشت کو مستحکم بنایا جائے گا انہوں نے کہا کہ آئی ایم ایف کے ساتھ مذاکرات کامیابی سے جاری ہیں اور آئندہ بجٹ میں عوام کو ریلیف فراہم کیا جائے گا
47	بجلی	بقیہ
پاکستان اور بھارت کے درمیان حالیہ کشیدگی کے بعد حکومت نے قومی سلامتی کے حوالے سے اہم اقدامات کا اعلان کیا ہے جبکہ وزیر اعظم نے کہا کہ ملک کے دفاع پر کوئی سمجھوتہ نہیں کیا جائے گا اور عوام کے تعاون سے معیشت کو مستحکم بنایا جائے گا انہوں نے کہا کہ آئی ایم ایف کے ساتھ مذاکرات کامیابی سے جاری ہیں اور آئندہ بجٹ میں عوام کو ریلیف فراہم کیا جائے گا پاکستان اور بھارت کے درمیان حالیہ کشیدگی کے بعد حکومت نے قومی سلامتی کے حوالے سے اہم اقدامات کا اعلان کیا ہے جبکہ وزیر اعظم نے کہا کہ ملک کے دفاع پر کوئی سمجھوتہ نہیں کیا جائے گا اور عوام کے تعاون سے معیشت کو مستحکم بنایا جائے گا انہوں نے کہا کہ آئی ایم ایف کے ساتھ مذاکرات کامیابی سے جاری ہیں اور آئندہ بجٹ میں عوام کو ریلیف فراہم کیا جائے گا پاکستان اور بھارت کے درمیان حالیہ کشیدگی کے بعد حکومت نے قومی سلامتی کے حوالے سے اہم اقدامات کا اعلان کیا ہے جبکہ وزیر اعظم نے کہا کہ ملک کے دفاع پر کوئی سمجھوتہ نہیں کیا جائے گا اور عوام کے تعاون سے معیشت کو مستحکم بنایا جائے گا انہوں نے کہا کہ آئی ایم ایف کے ساتھ مذاکرات کامیابی سے جاری ہیں اور آئندہ بجٹ میں عوام کو ریلیف فراہم کیا جائے گا
48	درست	بقیہ
پاکستان اور بھارت کے درمیان حالیہ کشیدگی کے بعد حکومت نے قومی سلامتی کے حوالے سے اہم اقدامات کا اعلان کیا ہے جبکہ وزیر اعظم نے کہا کہ ملک کے دفاع پر کوئی سمجھوتہ نہیں کیا جائے گا اور عوام کے تعاون سے معیشت کو مستحکم بنایا جائے گا انہوں نے کہا کہ آئی ایم ایف کے ساتھ مذاکرات کامیابی سے جاری ہیں اور آئندہ بجٹ میں عوام کو ریلیف فراہم کیا جائے گا پاکستان اور بھارت کے درمیان حالیہ کشیدگی کے بعد حکومت نے قومی سلامتی کے حوالے سے اہم اقدامات کا اعلان کیا ہے جبکہ وزیر اعظم نے کہا کہ ملک کے دفاع پر کوئی سمجھوتہ نہیں کیا جائے گا اور عوام کے تعاون سے معیشت کو مستحکم بنایا جائے گا انہوں نے کہا کہ آئی ایم ایف کے ساتھ مذاکرات کامیابی سے جاری ہیں اور آئندہ بجٹ میں عوام کو ریلیف فراہم کیا جائے گا
49	سابقہ ملازمین	بقیہ
پاکستان اور بھارت کے درمیان حالیہ کشیدگی کے بعد حکومت نے قومی سلامتی کے حوالے سے اہم اقدامات کا اعلان کیا ہے جبکہ وزیر اعظم نے کہا کہ ملک کے دفاع پر کوئی سمجھوتہ نہیں کیا جائے گا اور عوام کے تعاون سے معیشت کو مستحکم بنایا جائے گا انہوں نے کہا کہ آئی ایم ایف کے ساتھ مذاکرات کامیابی سے جاری ہیں اور آئندہ بجٹ میں عوام کو ریلیف فراہم کیا جائے گا پاکستان اور بھارت کے درمیان حالیہ کشیدگی کے بعد حکومت نے قومی سلامتی کے حوالے سے اہم اقدامات کا اعلان کیا ہے جبکہ وزیر اعظم نے کہا کہ ملک کے دفاع پر کوئی سمجھوتہ نہیں کیا جائے گا اور عوام کے تعاون سے معیشت کو مستحکم بنایا جائے گا انہوں نے کہا کہ آئی ایم ایف کے ساتھ مذاکرات کامیابی سے جاری ہیں اور آئندہ بجٹ میں عوام کو ریلیف فراہم کیا جائے گا
50	قیمتیں	بقیہ
پاکستان اور بھارت کے درمیان حالیہ کشیدگی کے بعد حکومت نے قومی سلامتی کے حوالے سے اہم اقدامات کا اعلان کیا ہے جبکہ وزیر اعظم نے کہا کہ ملک کے دفاع پر کوئی سمجھوتہ نہیں کیا جائے گا اور عوام کے تعاون سے معیشت کو مستحکم بنایا جائے گا انہوں نے کہا کہ آئی ایم ایف کے ساتھ مذاکرات کامیابی سے جاری ہیں اور آئندہ بجٹ میں عوام کو ریلیف فراہم کیا جائے گا پاکستان اور بھارت کے درمیان حالیہ کشیدگی کے بعد حکومت نے قومی سلامتی کے حوالے سے اہم اقدامات کا اعلان کیا ہے جبکہ وزیر اعظم نے کہا کہ ملک کے دفاع پر کوئی سمجھوتہ نہیں کیا جائے گا اور عوام کے تعاون سے معیشت کو مستحکم بنایا جائے گا انہوں نے کہا کہ آئی ایم ایف کے ساتھ مذاکرات کامیابی سے جاری ہیں اور آئندہ بجٹ میں عوام کو ریلیف فراہم کیا جائے گا
51	جنرل حسن	بقیہ
پاکستان اور بھارت کے درمیان حالیہ کشیدگی کے بعد حکومت نے قومی سلامتی کے حوالے سے اہم اقدامات کا اعلان کیا ہے جبکہ وزیر اعظم نے کہا کہ ملک کے دفاع پر کوئی سمجھوتہ نہیں کیا جائے گا اور عوام کے تعاون سے معیشت کو مستحکم بنایا جائے گا انہوں نے کہا کہ آئی ایم ایف کے ساتھ مذاکرات کامیابی سے جاری ہیں اور آئندہ بجٹ میں عوام کو ریلیف فراہم کیا جائے گا پاکستان اور بھارت کے درمیان حالیہ کشیدگی کے بعد حکومت نے قومی سلامتی کے حوالے سے اہم اقدامات کا اعلان کیا ہے جبکہ وزیر اعظم نے کہا کہ ملک کے دفاع پر کوئی سمجھوتہ نہیں کیا جائے گا اور عوام کے تعاون سے معیشت کو مستحکم بنایا جائے گا انہوں نے کہا کہ آئی ایم ایف کے ساتھ مذاکرات کامیابی سے جاری ہیں اور آئندہ بجٹ میں عوام کو ریلیف فراہم کیا جائے گا
52	سیلاب کی صورتحال	بقیہ
پاکستان اور بھارت کے درمیان حالیہ کشیدگی کے بعد حکومت نے قومی سلامتی کے حوالے سے اہم اقدامات کا اعلان کیا ہے جبکہ وزیر اعظم نے کہا کہ ملک کے دفاع پر کوئی سمجھوتہ نہیں کیا جائے گا اور عوام کے تعاون سے معیشت کو مستحکم بنایا جائے گا انہوں نے کہا کہ آئی ایم ایف کے ساتھ مذاکرات کامیابی سے جاری ہیں اور آئندہ بجٹ میں عوام کو ریلیف فراہم کیا جائے گا پاکستان اور بھارت کے درمیان حالیہ کشیدگی کے بعد حکومت نے قومی سلامتی کے حوالے سے اہم اقدامات کا اعلان کیا ہے جبکہ وزیر اعظم نے کہا کہ ملک کے دفاع پر کوئی سمجھوتہ نہیں کیا جائے گا اور عوام کے تعاون سے معیشت کو مستحکم بنایا جائے گا انہوں نے کہا کہ آئی ایم ایف کے ساتھ مذاکرات کامیابی سے جاری ہیں اور آئندہ بجٹ میں عوام کو ریلیف فراہم کیا جائے گا
53	اعلان	بقیہ
پاکستان اور بھارت کے درمیان حالیہ کشیدگی کے بعد حکومت نے قومی سلامتی کے حوالے سے اہم اقدامات کا اعلان کیا ہے جبکہ وزیر اعظم نے کہا کہ ملک کے دفاع پر کوئی سمجھوتہ نہیں کیا جائے گا اور عوام کے تعاون سے معیشت کو مستحکم بنایا جائے گا انہوں نے کہا کہ آئی ایم ایف کے ساتھ مذاکرات کامیابی سے جاری ہیں اور آئندہ بجٹ میں عوام کو ریلیف فراہم کیا جائے گا پاکستان اور بھارت کے درمیان حالیہ کشیدگی کے بعد حکومت نے قومی سلامتی کے حوالے سے اہم اقدامات کا اعلان کیا ہے جبکہ وزیر اعظم نے کہا کہ ملک کے دفاع پر کوئی سمجھوتہ نہیں کیا جائے گا اور عوام کے تعاون سے معیشت کو مستحکم بنایا جائے گا انہوں نے کہا کہ آئی ایم ایف کے ساتھ مذاکرات کامیابی سے جاری ہیں اور آئندہ بجٹ میں عوام کو ریلیف فراہم کیا جائے گا
54	کریک ڈاؤن	بقیہ
پاکستان اور بھارت کے درمیان حالیہ کشیدگی کے بعد حکومت نے قومی سلامتی کے حوالے سے اہم اقدامات کا اعلان کیا ہے جبکہ وزیر اعظم نے کہا کہ ملک کے دفاع پر کوئی سمجھوتہ نہیں کیا جائے گا اور عوام کے تعاون سے معیشت کو مستحکم بنایا جائے گا انہوں نے کہا کہ آئی ایم ایف کے ساتھ مذاکرات کامیابی سے جاری ہیں اور آئندہ بجٹ میں عوام کو ریلیف فراہم کیا جائے گا پاکستان اور بھارت کے درمیان حالیہ کشیدگی کے بعد حکومت نے قومی سلامتی کے حوالے سے اہم اقدامات کا اعلان کیا ہے جبکہ وزیر اعظم نے کہا کہ ملک کے دفاع پر کوئی سمجھوتہ نہیں کیا جائے گا اور عوام کے تعاون سے معیشت کو مستحکم بنایا جائے گا انہوں نے کہا کہ آئی ایم ایف کے ساتھ مذاکرات کامیابی سے جاری ہیں اور آئندہ بجٹ میں عوام کو ریلیف فراہم کیا جائے گا
55	فوج کی ذمہ داری	بقیہ
پاکستان اور بھارت کے درمیان حالیہ کشیدگی کے بعد حکومت نے قومی سلامتی کے حوالے سے اہم اقدامات کا اعلان کیا ہے جبکہ وزیر اعظم نے کہا کہ ملک کے دفاع پر کوئی سمجھوتہ نہیں کیا جائے گا اور عوام کے تعاون سے معیشت کو مستحکم بنایا جائے گا انہوں نے کہا کہ آئی ایم ایف کے ساتھ مذاکرات کامیابی سے جاری ہیں اور آئندہ بجٹ میں عوام کو ریلیف فراہم کیا جائے گا پاکستان اور بھارت کے درمیان حالیہ کشیدگی کے بعد حکومت نے قومی سلامتی کے حوالے سے اہم اقدامات کا اعلان کیا ہے جبکہ وزیر اعظم نے کہا کہ ملک کے دفاع پر کوئی سمجھوتہ نہیں کیا جائے گا اور عوام کے تعاون سے معیشت کو مستحکم بنایا جائے گا انہوں نے کہا کہ آئی ایم ایف کے ساتھ مذاکرات کامیابی سے جاری ہیں اور آئندہ بجٹ میں عوام کو ریلیف فراہم کیا جائے گا
56	گرفتار	بقیہ
پاکستان اور بھارت کے درمیان حالیہ کشیدگی کے بعد حکومت نے قومی سلامتی کے حوالے سے اہم اقدامات کا اعلان کیا ہے جبکہ وزیر اعظم نے کہا کہ ملک کے دفاع پر کوئی سمجھوتہ نہیں کیا جائے گا اور عوام کے تعاون سے معیشت کو مستحکم بنایا جائے گا انہوں نے کہا کہ آئی ایم ایف کے ساتھ مذاکرات کامیابی سے جاری ہیں اور آئندہ بجٹ میں عوام کو ریلیف فراہم کیا جائے گا پاکستان اور بھارت کے درمیان حالیہ کشیدگی کے بعد حکومت نے قومی سلامتی کے حوالے سے اہم اقدامات کا اعلان کیا ہے جبکہ وزیر اعظم نے کہا کہ ملک کے دفاع پر کوئی سمجھوتہ نہیں کیا جائے گا اور عوام کے تعاون سے معیشت کو مستحکم بنایا جائے گا انہوں نے کہا کہ آئی ایم ایف کے ساتھ مذاکرات کامیابی سے جاری ہیں اور آئندہ بجٹ میں عوام کو ریلیف فراہم کیا جائے گا
